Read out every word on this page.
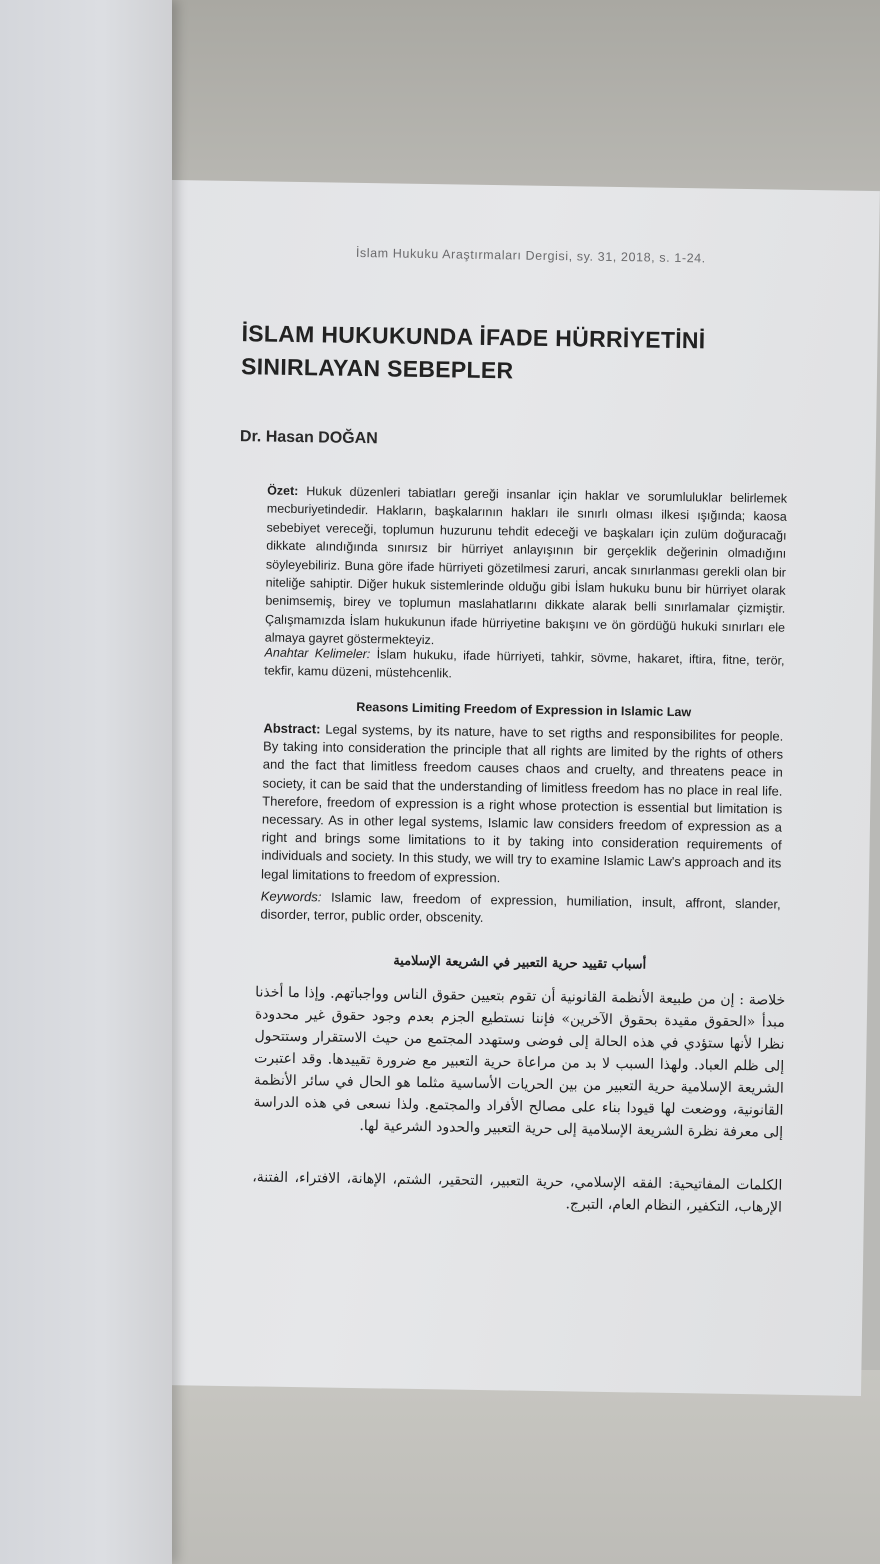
İslam Hukuku Araştırmaları Dergisi, sy. 31, 2018, s. 1-24.
İSLAM HUKUKUNDA İFADE HÜRRİYETİNİ
SINIRLAYAN SEBEPLER
Dr. Hasan DOĞAN
Özet: Hukuk düzenleri tabiatları gereği insanlar için haklar ve sorumluluklar belirlemek mecburiyetindedir. Hakların, başkalarının hakları ile sınırlı olması ilkesi ışığında; kaosa sebebiyet vereceği, toplumun huzurunu tehdit edeceği ve başkaları için zulüm doğuracağı dikkate alındığında sınırsız bir hürriyet anlayışının bir gerçeklik değerinin olmadığını söyleyebiliriz. Buna göre ifade hürriyeti gözetilmesi zaruri, ancak sınırlanması gerekli olan bir niteliğe sahiptir. Diğer hukuk sistemlerinde olduğu gibi İslam hukuku bunu bir hürriyet olarak benimsemiş, birey ve toplumun maslahatlarını dikkate alarak belli sınırlamalar çizmiştir. Çalışmamızda İslam hukukunun ifade hürriyetine bakışını ve ön gördüğü hukuki sınırları ele almaya gayret göstermekteyiz.
Anahtar Kelimeler: İslam hukuku, ifade hürriyeti, tahkir, sövme, hakaret, iftira, fitne, terör, tekfir, kamu düzeni, müstehcenlik.
Reasons Limiting Freedom of Expression in Islamic Law
Abstract: Legal systems, by its nature, have to set rigths and responsibilites for people. By taking into consideration the principle that all rights are limited by the rights of others and the fact that limitless freedom causes chaos and cruelty, and threatens peace in society, it can be said that the understanding of limitless freedom has no place in real life. Therefore, freedom of expression is a right whose protection is essential but limitation is necessary. As in other legal systems, Islamic law considers freedom of expression as a right and brings some limitations to it by taking into consideration requirements of individuals and society. In this study, we will try to examine Islamic Law's approach and its legal limitations to freedom of expression.
Keywords: Islamic law, freedom of expression, humiliation, insult, affront, slander, disorder, terror, public order, obscenity.
أسباب تقييد حرية التعبير في الشريعة الإسلامية
خلاصة : إن من طبيعة الأنظمة القانونية أن تقوم بتعيين حقوق الناس وواجباتهم. وإذا ما أخذنا مبدأ «الحقوق مقيدة بحقوق الآخرين» فإننا نستطيع الجزم بعدم وجود حقوق غير محدودة نظرا لأنها ستؤدي في هذه الحالة إلى فوضى وستهدد المجتمع من حيث الاستقرار وستتحول إلى ظلم العباد. ولهذا السبب لا بد من مراعاة حرية التعبير مع ضرورة تقييدها. وقد اعتبرت الشريعة الإسلامية حرية التعبير من بين الحريات الأساسية مثلما هو الحال في سائر الأنظمة القانونية، ووضعت لها قيودا بناء على مصالح الأفراد والمجتمع. ولذا نسعى في هذه الدراسة إلى معرفة نظرة الشريعة الإسلامية إلى حرية التعبير والحدود الشرعية لها.
الكلمات المفاتيحية: الفقه الإسلامي، حرية التعبير، التحقير، الشتم، الإهانة، الافتراء، الفتنة، الإرهاب، التكفير، النظام العام، التبرج.
